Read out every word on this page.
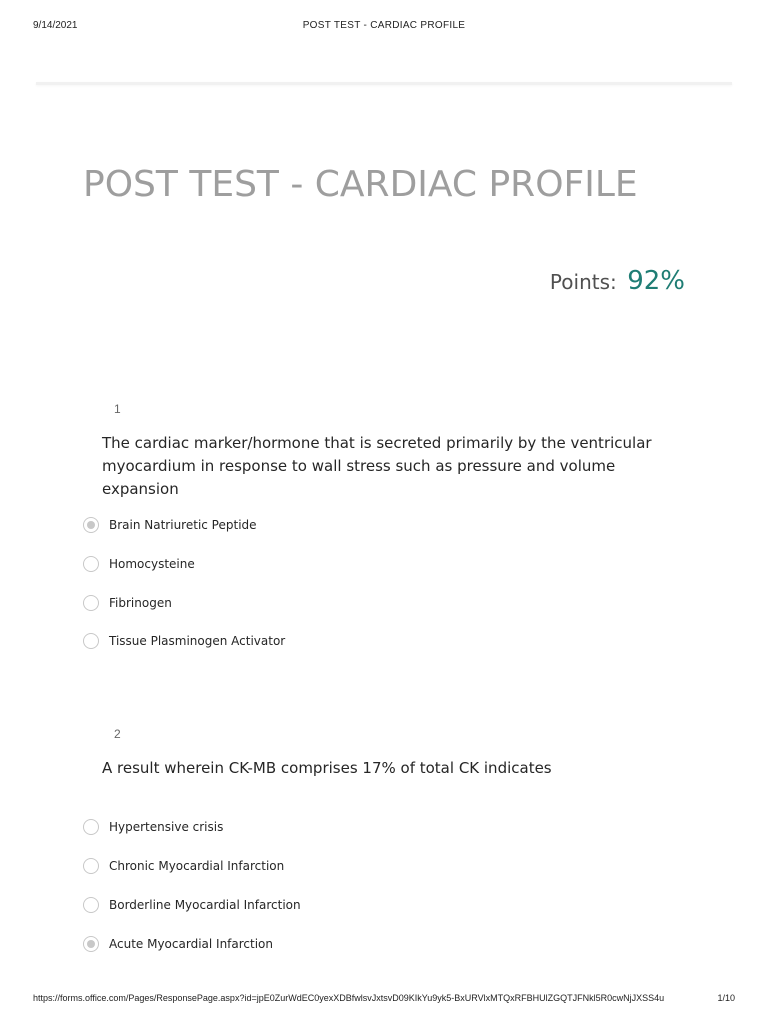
9/14/2021	POST TEST - CARDIAC PROFILE
POST TEST - CARDIAC PROFILE
Points: 92%
1
The cardiac marker/hormone that is secreted primarily by the ventricular myocardium in response to wall stress such as pressure and volume expansion
Brain Natriuretic Peptide
Homocysteine
Fibrinogen
Tissue Plasminogen Activator
2
A result wherein CK-MB comprises 17% of total CK indicates
Hypertensive crisis
Chronic Myocardial Infarction
Borderline Myocardial Infarction
Acute Myocardial Infarction
https://forms.office.com/Pages/ResponsePage.aspx?id=jpE0ZurWdEC0yexXDBfwlsvJxtsvD09KIkYu9yk5-BxURVlxMTQxRFBHUlZGQTJFNkl5R0cwNjJXSS4u	1/10
